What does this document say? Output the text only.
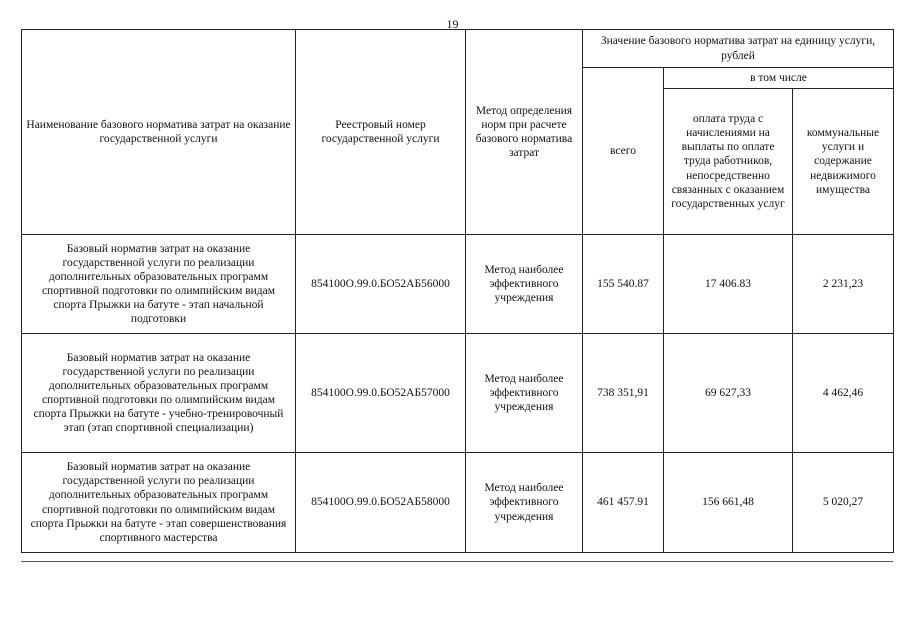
19
Наименование базового норматива затрат на оказание государственной услуги	Реестровый номер государственной услуги	Метод определения норм при расчете базового норматива затрат	Значение базового норматива затрат на единицу услуги, рублей		
			всего	в том числе	
				оплата труда с начислениями на выплаты по оплате труда работников, непосредственно связанных с оказанием государственных услуг	коммунальные услуги и содержание недвижимого имущества
Базовый норматив затрат на оказание государственной услуги по реализации дополнительных образовательных программ спортивной подготовки по олимпийским видам спорта Прыжки на батуте - этап начальной подготовки	854100О.99.0.БО52АБ56000	Метод наиболее эффективного учреждения	155 540.87	17 406.83	2 231,23
Базовый норматив затрат на оказание государственной услуги по реализации дополнительных образовательных программ спортивной подготовки по олимпийским видам спорта Прыжки на батуте - учебно-тренировочный этап (этап спортивной специализации)	854100О.99.0.БО52АБ57000	Метод наиболее эффективного учреждения	738 351,91	69 627,33	4 462,46
Базовый норматив затрат на оказание государственной услуги по реализации дополнительных образовательных программ спортивной подготовки по олимпийским видам спорта Прыжки на батуте - этап совершенствования спортивного мастерства	854100О.99.0.БО52АБ58000	Метод наиболее эффективного учреждения	461 457.91	156 661,48	5 020,27
